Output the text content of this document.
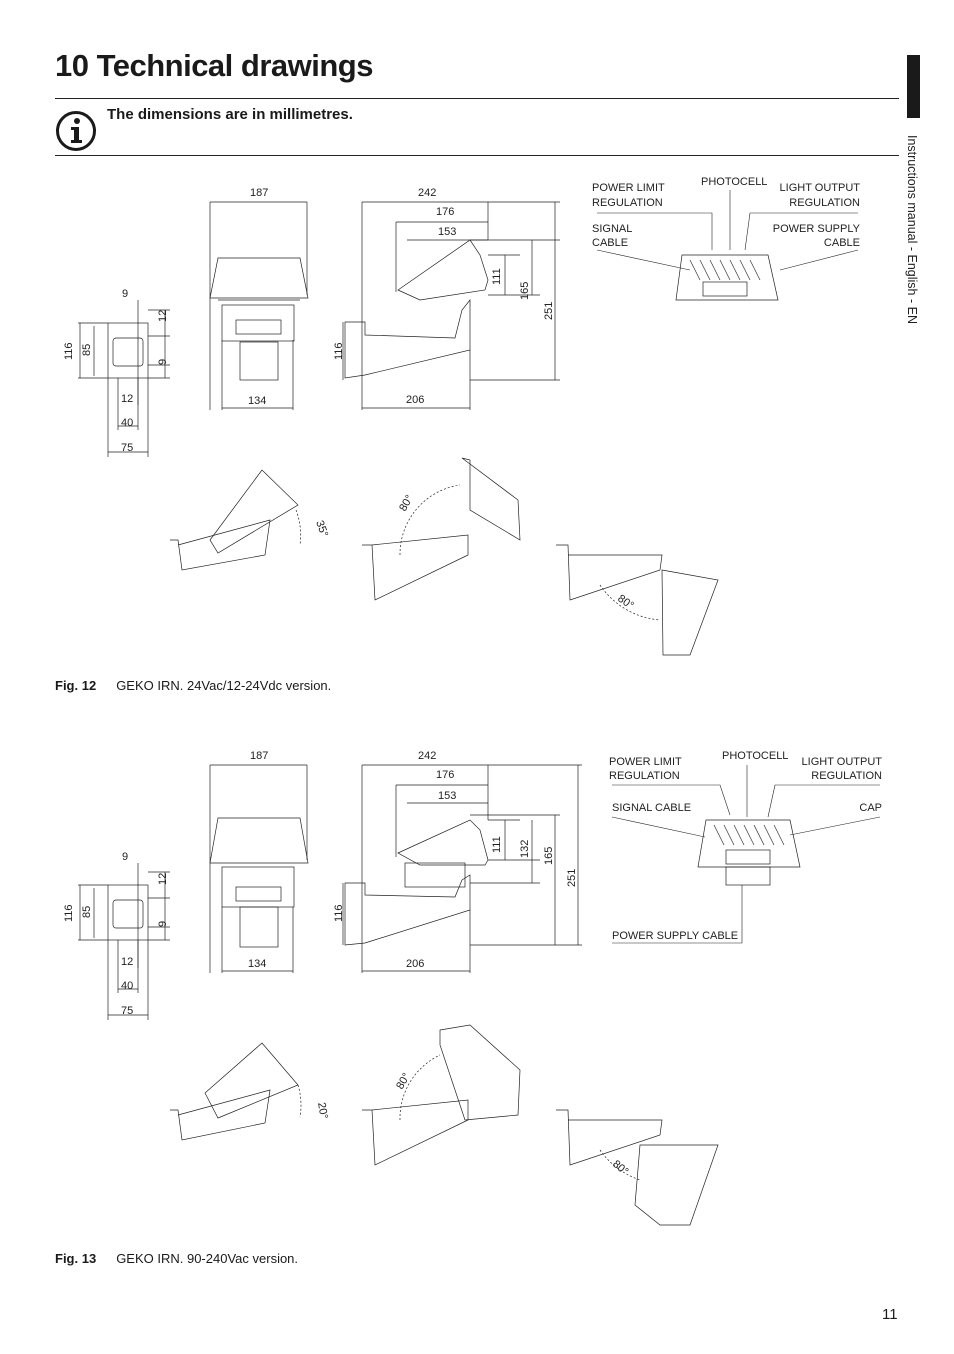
10 Technical drawings
Instructions manual - English - EN
The dimensions are in millimetres.
187
134
242
176
153
206
111
165
251
116
116 85
9
12
9
12
40
75
35°
80°
80°
POWER LIMIT
REGULATION
PHOTOCELL LIGHT OUTPUT
REGULATION
SIGNAL
CABLE
POWER SUPPLY
CABLE
Fig. 12 GEKO IRN. 24Vac/12-24Vdc version.
187
134
242
176
153
206
111 132 165
251
116
116 85
9
12
9
12
40
75
20°
80°
80°
POWER LIMIT
REGULATION
PHOTOCELL LIGHT OUTPUT
REGULATION
SIGNAL CABLE	CAP
POWER SUPPLY CABLE
Fig. 13 GEKO IRN. 90-240Vac version.
11
